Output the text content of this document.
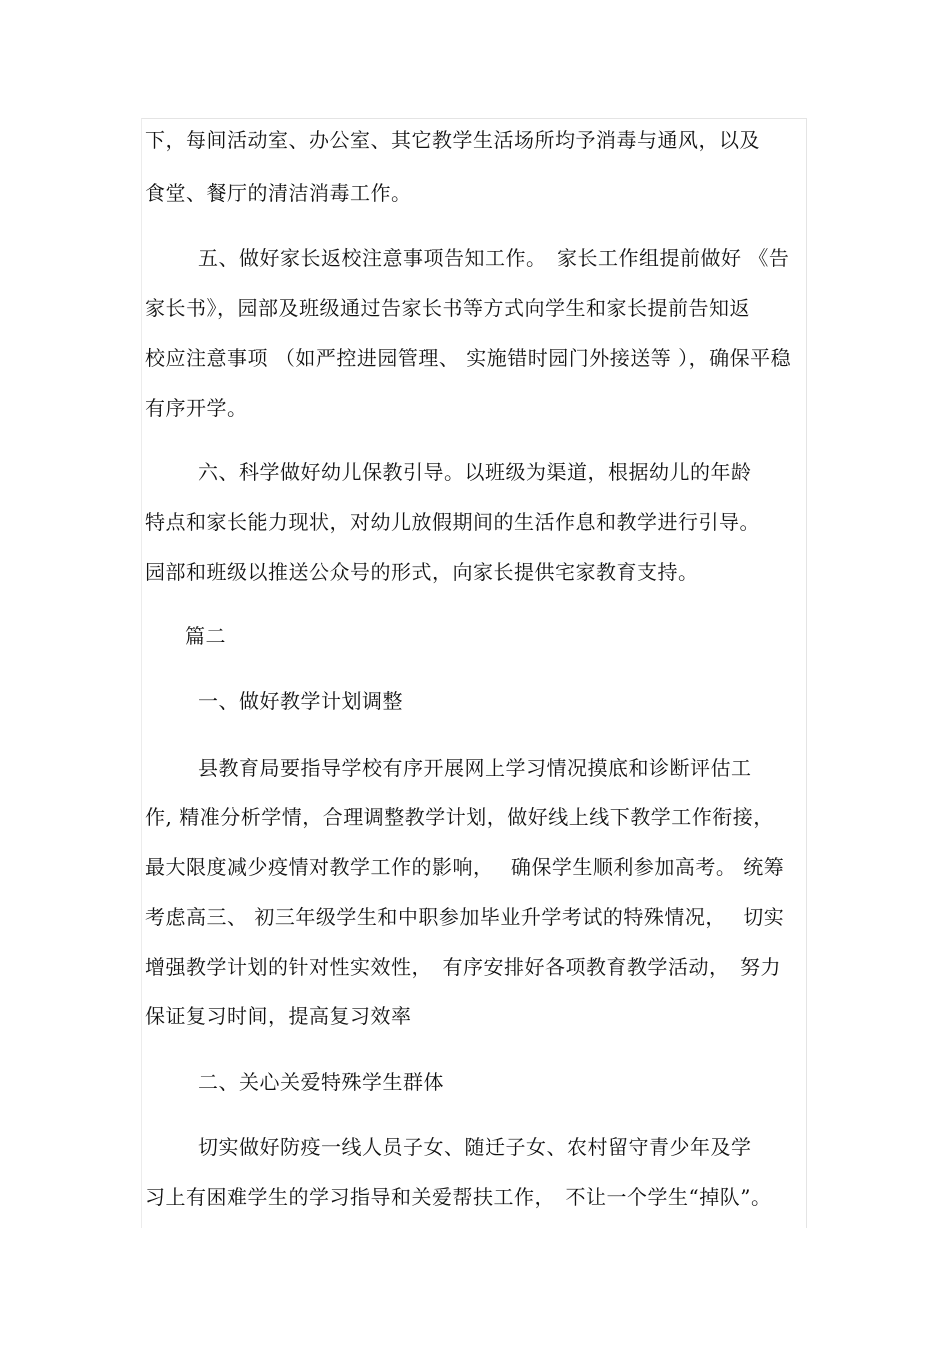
下，每间活动室、办公室、其它教学生活场所均予消毒与通风，以及
食堂、餐厅的清洁消毒工作。
五、做好家长返校注意事项告知工作。　家长工作组提前做好 《告
家长书》，园部及班级通过告家长书等方式向学生和家长提前告知返
校应注意事项 （如严控进园管理、 实施错时园门外接送等 ），确保平稳
有序开学。
六、科学做好幼儿保教引导。以班级为渠道，根据幼儿的年龄
特点和家长能力现状，对幼儿放假期间的生活作息和教学进行引导。
园部和班级以推送公众号的形式，向家长提供宅家教育支持。
篇二
一、做好教学计划调整
县教育局要指导学校有序开展网上学习情况摸底和诊断评估工
作, 精准分析学情，合理调整教学计划，做好线上线下教学工作衔接，
最大限度减少疫情对教学工作的影响，　 确保学生顺利参加高考。 统筹
考虑高三、 初三年级学生和中职参加毕业升学考试的特殊情况，　 切实
增强教学计划的针对性实效性，　有序安排好各项教育教学活动，　努力
保证复习时间，提高复习效率
二、关心关爱特殊学生群体
切实做好防疫一线人员子女、随迁子女、农村留守青少年及学
习上有困难学生的学习指导和关爱帮扶工作，　不让一个学生“掉队”。
